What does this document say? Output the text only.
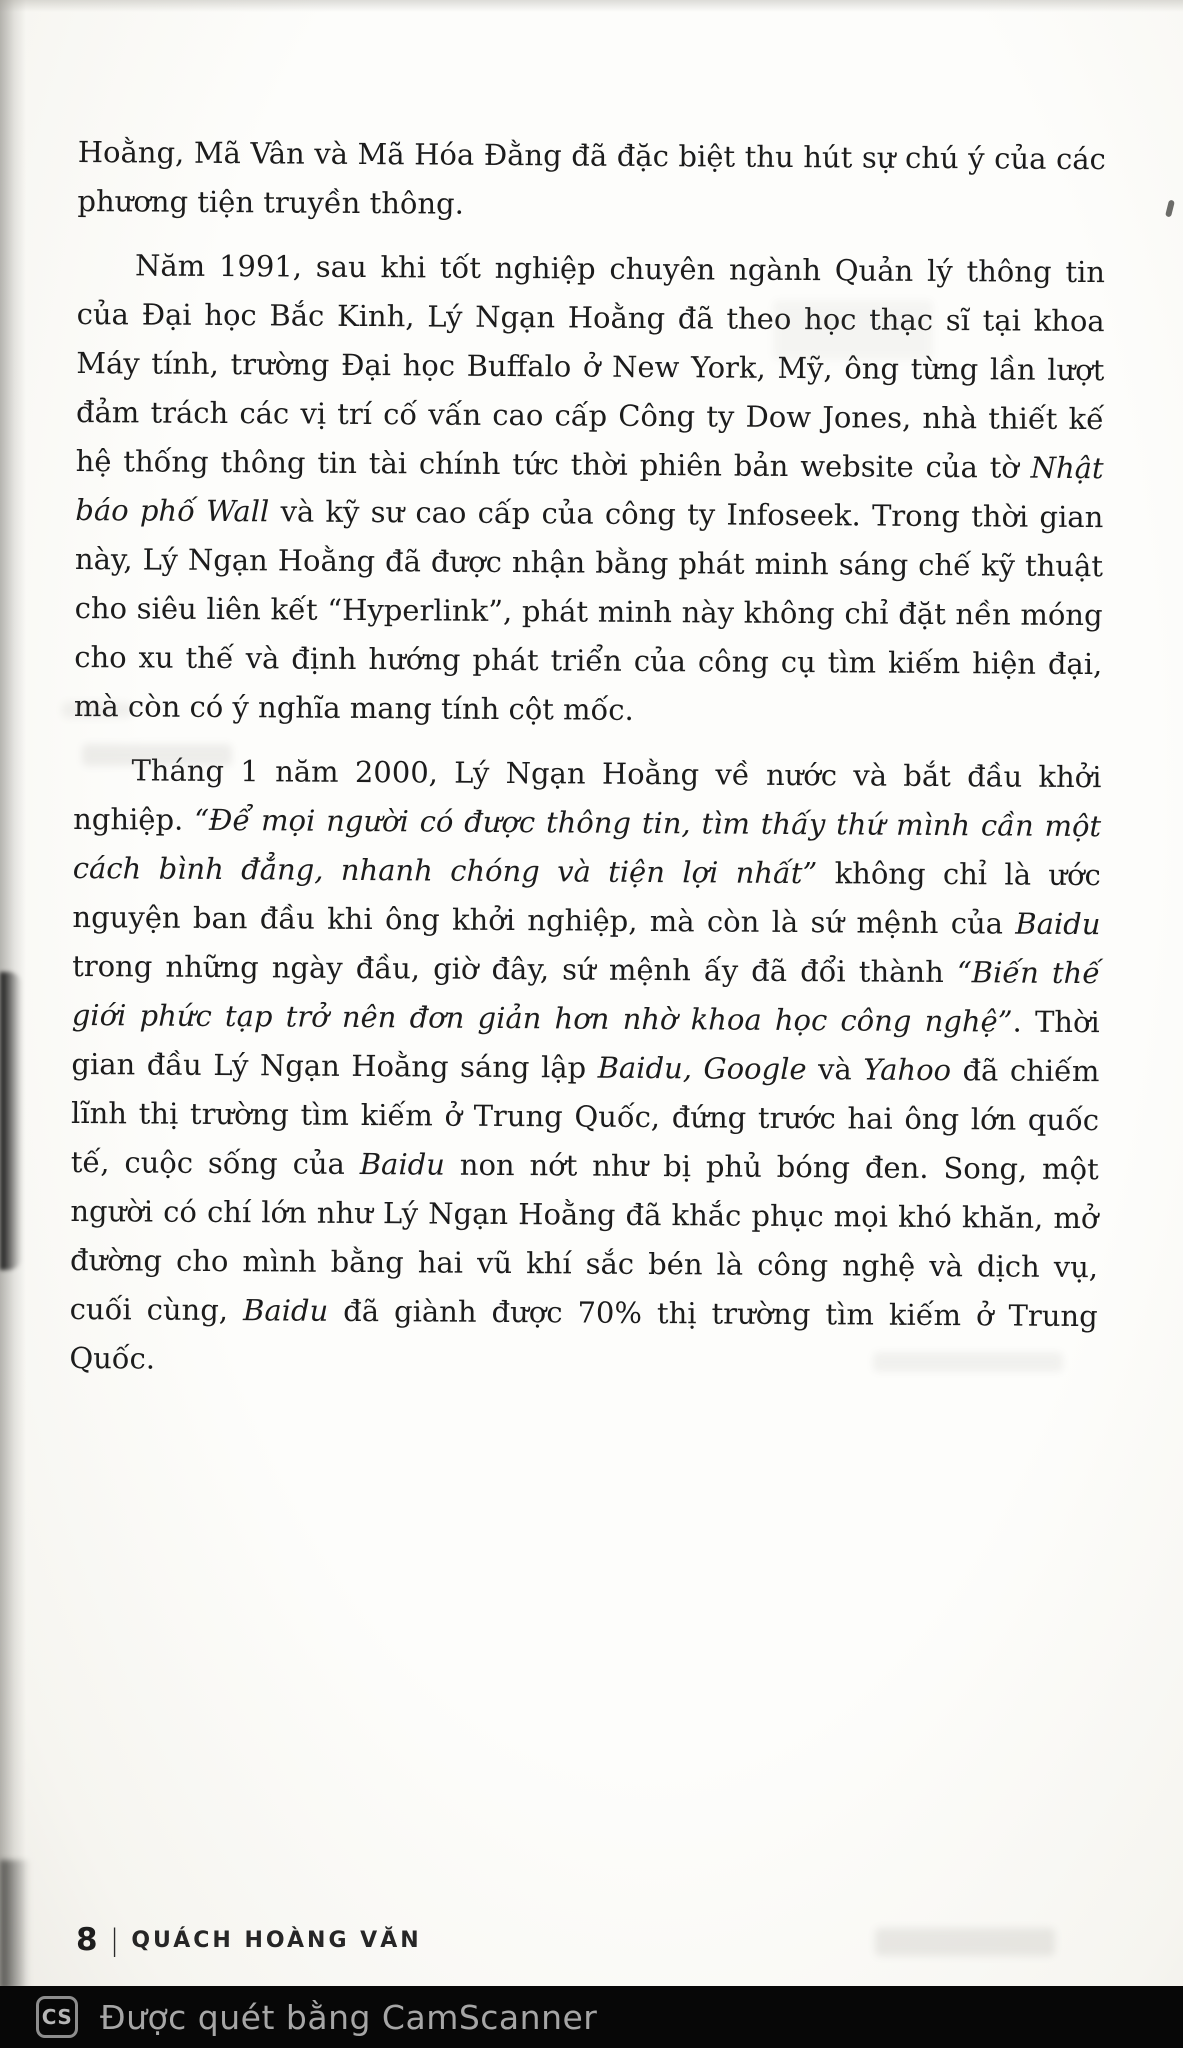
Hoằng, Mã Vân và Mã Hóa Đằng đã đặc biệt thu hút sự chú ý của các phương tiện truyền thông.

Năm 1991, sau khi tốt nghiệp chuyên ngành Quản lý thông tin của Đại học Bắc Kinh, Lý Ngạn Hoằng đã theo học thạc sĩ tại khoa Máy tính, trường Đại học Buffalo ở New York, Mỹ, ông từng lần lượt đảm trách các vị trí cố vấn cao cấp Công ty Dow Jones, nhà thiết kế hệ thống thông tin tài chính tức thời phiên bản website của tờ Nhật báo phố Wall và kỹ sư cao cấp của công ty Infoseek. Trong thời gian này, Lý Ngạn Hoằng đã được nhận bằng phát minh sáng chế kỹ thuật cho siêu liên kết “Hyperlink”, phát minh này không chỉ đặt nền móng cho xu thế và định hướng phát triển của công cụ tìm kiếm hiện đại, mà còn có ý nghĩa mang tính cột mốc.

Tháng 1 năm 2000, Lý Ngạn Hoằng về nước và bắt đầu khởi nghiệp. “Để mọi người có được thông tin, tìm thấy thứ mình cần một cách bình đẳng, nhanh chóng và tiện lợi nhất” không chỉ là ước nguyện ban đầu khi ông khởi nghiệp, mà còn là sứ mệnh của Baidu trong những ngày đầu, giờ đây, sứ mệnh ấy đã đổi thành “Biến thế giới phức tạp trở nên đơn giản hơn nhờ khoa học công nghệ”. Thời gian đầu Lý Ngạn Hoằng sáng lập Baidu, Google và Yahoo đã chiếm lĩnh thị trường tìm kiếm ở Trung Quốc, đứng trước hai ông lớn quốc tế, cuộc sống của Baidu non nớt như bị phủ bóng đen. Song, một người có chí lớn như Lý Ngạn Hoằng đã khắc phục mọi khó khăn, mở đường cho mình bằng hai vũ khí sắc bén là công nghệ và dịch vụ, cuối cùng, Baidu đã giành được 70% thị trường tìm kiếm ở Trung Quốc.

8 | QUÁCH HOÀNG VĂN
CS Được quét bằng CamScanner
